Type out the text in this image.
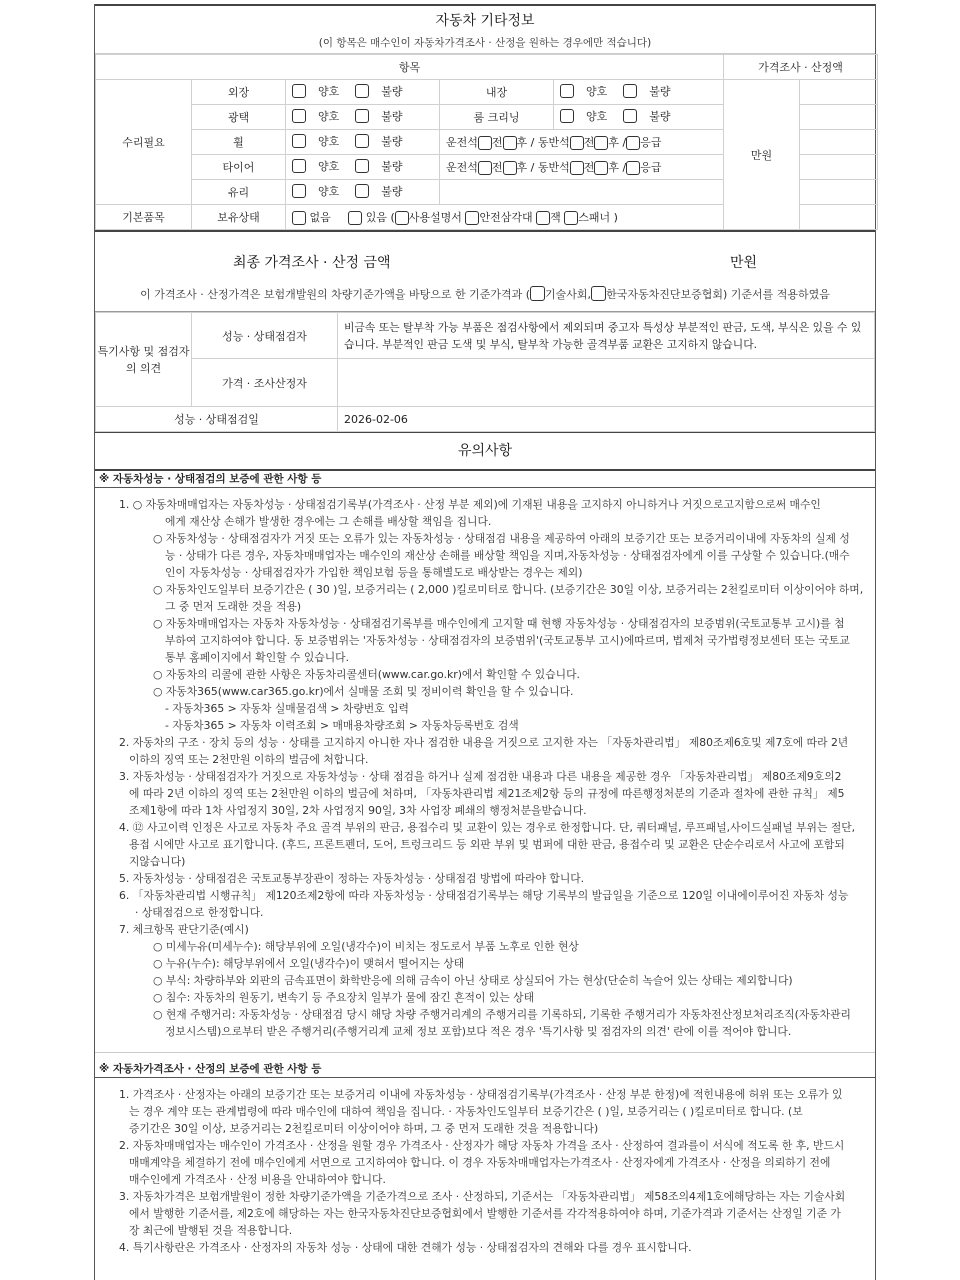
자동차 기타정보
(이 항목은 매수인이 자동차가격조사 · 산정을 원하는 경우에만 적습니다)
항목					가격조사 · 산정액	
수리필요	외장	양호 불량	내장	양호 불량	만원	
	광택	양호 불량	룸 크리닝	양호 불량		

	휠	양호 불량	운전석 전 후 / 동반석 전 후 / 응급			
	타이어	양호 불량	운전석 전 후 / 동반석 전 후 / 응급			
	유리	양호 불량				

기본품목	보유상태	없음 있음 ( 사용설명서 안전삼각대 잭 스패너 )				
최종 가격조사 · 산정 금액	만원
이 가격조사 · 산정가격은 보험개발원의 차량기준가액을 바탕으로 한 기준가격과 ( 기술사회, 한국자동차진단보증협회) 기준서를 적용하였음
특기사항 및 점검자의 의견	성능 · 상태점검자	비금속 또는 탈부착 가능 부품은 점검사항에서 제외되며 중고자 특성상 부분적인 판금, 도색, 부식은 있을 수 있습니다. 부분적인 판금 도색 및 부식, 탈부착 가능한 골격부품 교환은 고지하지 않습니다.
	가격 · 조사산정자	
성능 · 상태점검일		2026-02-06
유의사항
※ 자동차성능 · 상태점검의 보증에 관한 사항 등

1. ○ 자동차매매업자는 자동차성능 · 상태점검기록부(가격조사 · 산정 부분 제외)에 기재된 내용을 고지하지 아니하거나 거짓으로고지함으로써 매수인

에게 재산상 손해가 발생한 경우에는 그 손해를 배상할 책임을 집니다.

○ 자동차성능 · 상태점검자가 거짓 또는 오류가 있는 자동차성능 · 상태점검 내용을 제공하여 아래의 보증기간 또는 보증거리이내에 자동차의 실제 성

능 · 상태가 다른 경우, 자동차매매업자는 매수인의 재산상 손해를 배상할 책임을 지며,자동차성능 · 상태점검자에게 이를 구상할 수 있습니다.(매수

인이 자동차성능 · 상태점검자가 가입한 책임보험 등을 통해별도로 배상받는 경우는 제외)

○ 자동차인도일부터 보증기간은 ( 30 )일, 보증거리는 ( 2,000 )킬로미터로 합니다. (보증기간은 30일 이상, 보증거리는 2천킬로미터 이상이어야 하며,

그 중 먼저 도래한 것을 적용)

○ 자동차매매업자는 자동차 자동차성능 · 상태점검기록부를 매수인에게 고지할 때 현행 자동차성능 · 상태점검자의 보증범위(국토교통부 고시)를 첨

부하여 고지하여야 합니다. 동 보증범위는 '자동차성능 · 상태점검자의 보증범위'(국토교통부 고시)에따르며, 법제처 국가법령정보센터 또는 국토교

통부 홈페이지에서 확인할 수 있습니다.

○ 자동차의 리콜에 관한 사항은 자동차리콜센터(www.car.go.kr)에서 확인할 수 있습니다.

○ 자동차365(www.car365.go.kr)에서 실매물 조회 및 정비이력 확인을 할 수 있습니다.

- 자동차365 > 자동차 실매물검색 > 차량번호 입력

- 자동차365 > 자동차 이력조회 > 매매용차량조회 > 자동차등록번호 검색

2. 자동차의 구조 · 장치 등의 성능 · 상태를 고지하지 아니한 자나 점검한 내용을 거짓으로 고지한 자는 「자동차관리법」 제80조제6호및 제7호에 따라 2년

이하의 징역 또는 2천만원 이하의 벌금에 처합니다.

3. 자동차성능 · 상태점검자가 거짓으로 자동차성능 · 상태 점검을 하거나 실제 점검한 내용과 다른 내용을 제공한 경우 「자동차관리법」 제80조제9호의2

에 따라 2년 이하의 징역 또는 2천만원 이하의 벌금에 처하며, 「자동차관리법 제21조제2항 등의 규정에 따른행정처분의 기준과 절차에 관한 규칙」 제5

조제1항에 따라 1차 사업정지 30일, 2차 사업정지 90일, 3차 사업장 폐쇄의 행정처분을받습니다.

4. ⑫ 사고이력 인정은 사고로 자동차 주요 골격 부위의 판금, 용접수리 및 교환이 있는 경우로 한정합니다. 단, 쿼터패널, 루프패널,사이드실패널 부위는 절단,

용접 시에만 사고로 표기합니다. (후드, 프론트펜더, 도어, 트렁크리드 등 외판 부위 및 범퍼에 대한 판금, 용접수리 및 교환은 단순수리로서 사고에 포함되

지않습니다)

5. 자동차성능 · 상태점검은 국토교통부장관이 정하는 자동차성능 · 상태점검 방법에 따라야 합니다.

6. 「자동차관리법 시행규칙」 제120조제2항에 따라 자동차성능 · 상태점검기록부는 해당 기록부의 발급일을 기준으로 120일 이내에이루어진 자동차 성능

· 상태점검으로 한정합니다.

7. 체크항목 판단기준(예시)

○ 미세누유(미세누수): 해당부위에 오일(냉각수)이 비치는 정도로서 부품 노후로 인한 현상

○ 누유(누수): 해당부위에서 오일(냉각수)이 맺혀서 떨어지는 상태

○ 부식: 차량하부와 외판의 금속표면이 화학반응에 의해 금속이 아닌 상태로 상실되어 가는 현상(단순히 녹슬어 있는 상태는 제외합니다)

○ 침수: 자동차의 원동기, 변속기 등 주요장치 일부가 물에 잠긴 흔적이 있는 상태

○ 현재 주행거리: 자동차성능 · 상태점검 당시 해당 차량 주행거리계의 주행거리를 기록하되, 기록한 주행거리가 자동차전산정보처리조직(자동차관리

정보시스템)으로부터 받은 주행거리(주행거리계 교체 정보 포함)보다 적은 경우 '특기사항 및 점검자의 의견' 란에 이를 적어야 합니다.

※ 자동차가격조사 · 산정의 보증에 관한 사항 등

1. 가격조사 · 산정자는 아래의 보증기간 또는 보증거리 이내에 자동차성능 · 상태점검기록부(가격조사 · 산정 부분 한정)에 적힌내용에 허위 또는 오류가 있

는 경우 계약 또는 관계법령에 따라 매수인에 대하여 책임을 집니다. · 자동차인도일부터 보증기간은 ( )일, 보증거리는 ( )킬로미터로 합니다. (보

증기간은 30일 이상, 보증거리는 2천킬로미터 이상이어야 하며, 그 중 먼저 도래한 것을 적용합니다)

2. 자동차매매업자는 매수인이 가격조사 · 산정을 원할 경우 가격조사 · 산정자가 해당 자동차 가격을 조사 · 산정하여 결과를이 서식에 적도록 한 후, 반드시

매매계약을 체결하기 전에 매수인에게 서면으로 고지하여야 합니다. 이 경우 자동차매매업자는가격조사 · 산정자에게 가격조사 · 산정을 의뢰하기 전에

매수인에게 가격조사 · 산정 비용을 안내하여야 합니다.

3. 자동차가격은 보험개발원이 정한 차량기준가액을 기준가격으로 조사 · 산정하되, 기준서는 「자동차관리법」 제58조의4제1호에해당하는 자는 기술사회

에서 발행한 기준서를, 제2호에 해당하는 자는 한국자동차진단보증협회에서 발행한 기준서를 각각적용하여야 하며, 기준가격과 기준서는 산정일 기준 가

장 최근에 발행된 것을 적용합니다.

4. 특기사항란은 가격조사 · 산정자의 자동차 성능 · 상태에 대한 견해가 성능 · 상태점검자의 견해와 다를 경우 표시합니다.
